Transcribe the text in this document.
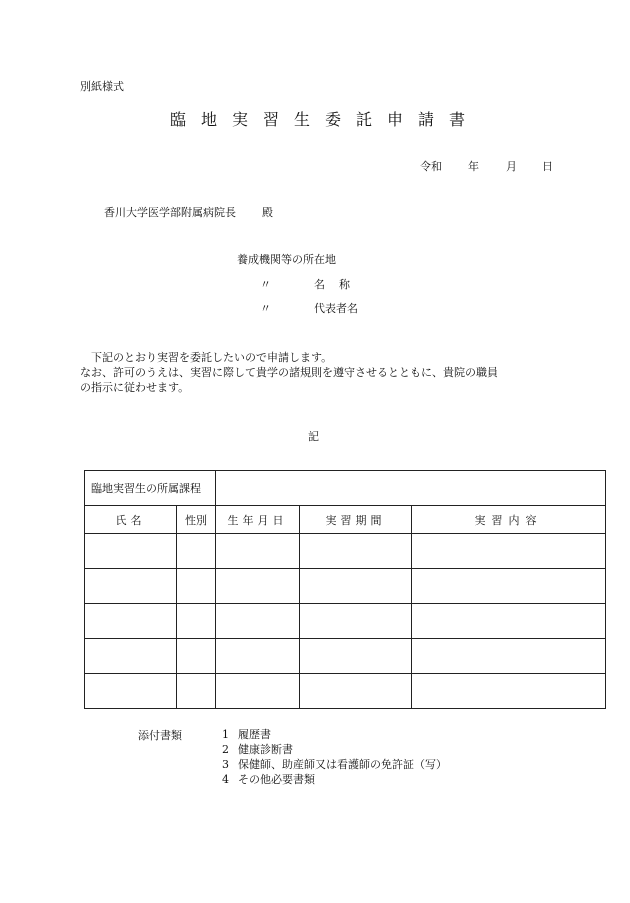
別紙様式
臨地実習生委託申請書
令和 年 月 日
香川大学医学部附属病院長 殿
養成機関等の所在地
〃	名称
〃	代表者名

下記のとおり実習を委託したいので申請します。

なお、許可のうえは、実習に際して貴学の諸規則を遵守させるとともに、貴院の職員

の指示に従わせます。

記
臨地実習生の所属課程				
氏名	性別	生年月日	実習期間	実習内容

添付書類	1 履歴書
2 健康診断書
3 保健師、助産師又は看護師の免許証（写）
4 その他必要書類
